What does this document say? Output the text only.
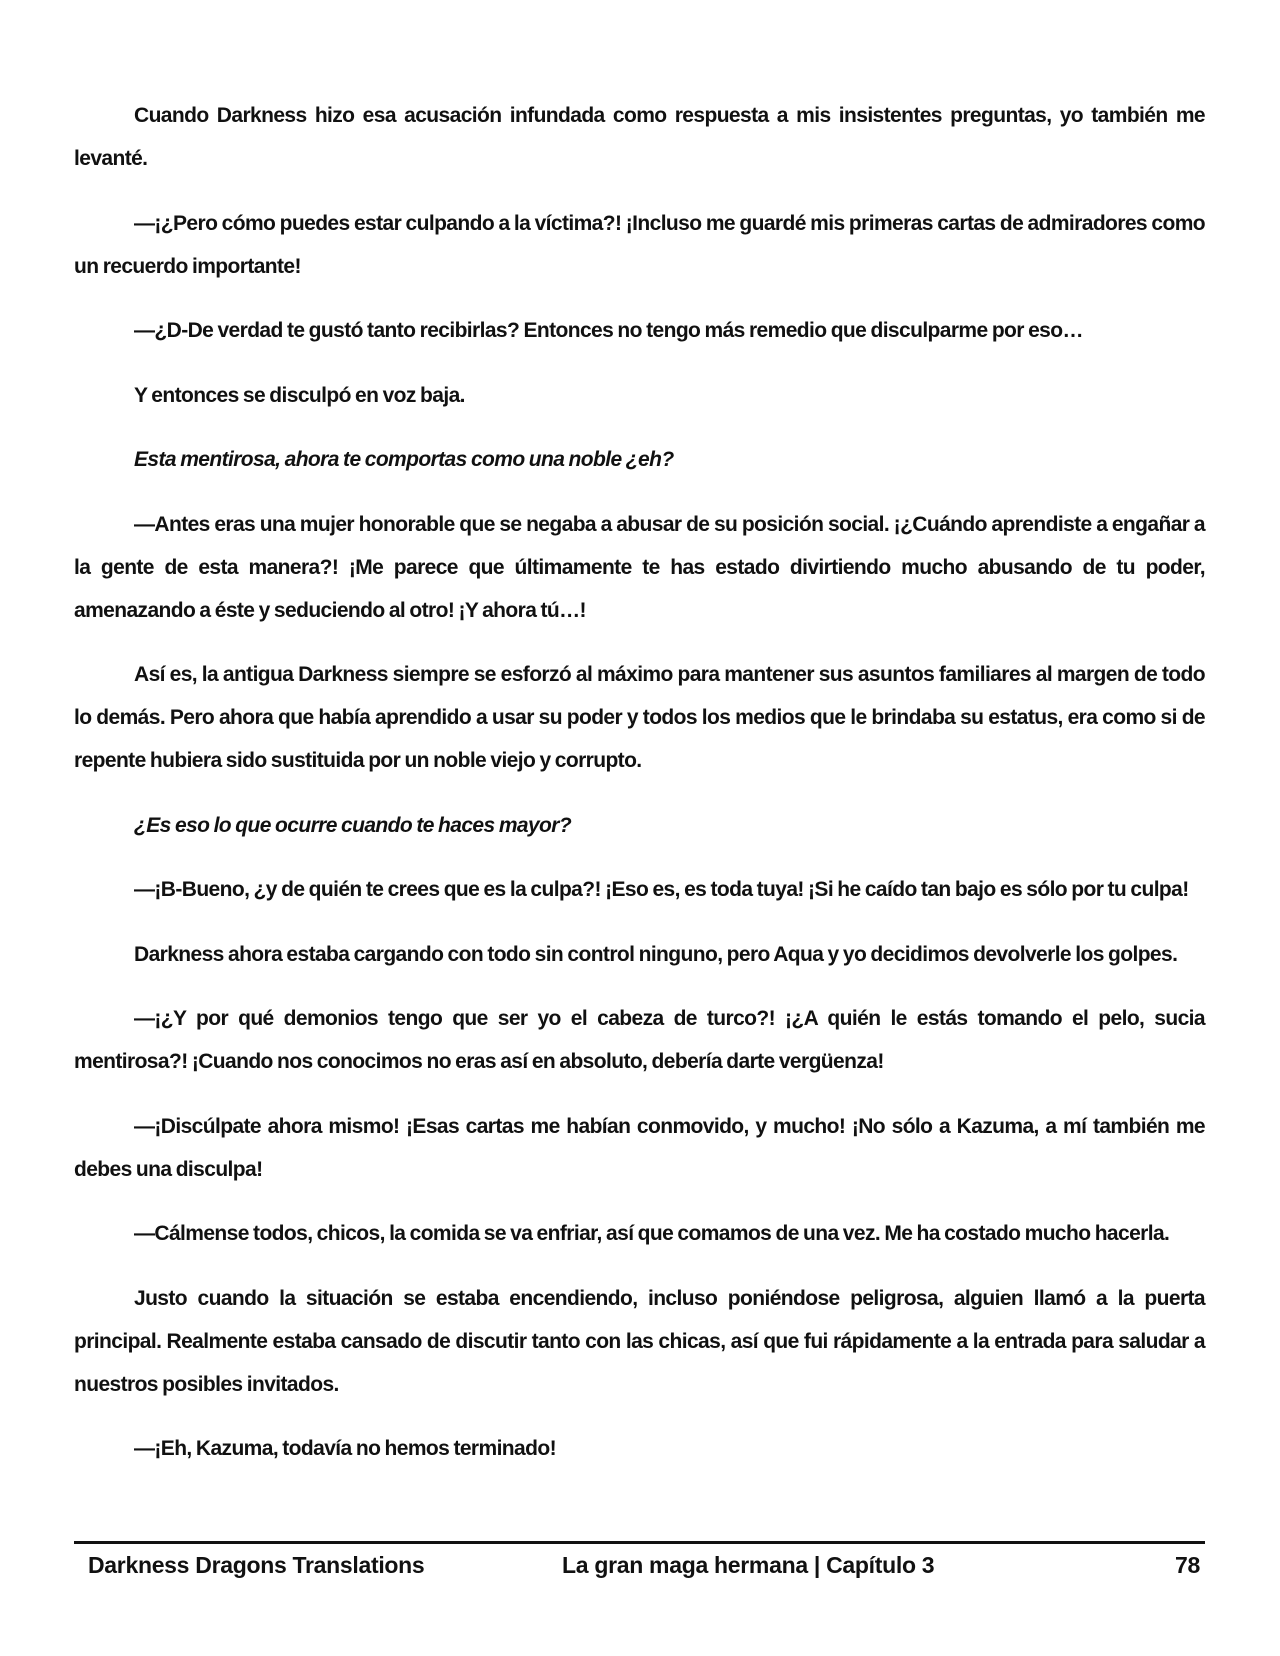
Cuando Darkness hizo esa acusación infundada como respuesta a mis insistentes preguntas, yo también me levanté.

—¡¿Pero cómo puedes estar culpando a la víctima?! ¡Incluso me guardé mis primeras cartas de admiradores como un recuerdo importante!

—¿D-De verdad te gustó tanto recibirlas? Entonces no tengo más remedio que disculparme por eso…

Y entonces se disculpó en voz baja.

Esta mentirosa, ahora te comportas como una noble ¿eh?

—Antes eras una mujer honorable que se negaba a abusar de su posición social. ¡¿Cuándo aprendiste a engañar a la gente de esta manera?! ¡Me parece que últimamente te has estado divirtiendo mucho abusando de tu poder, amenazando a éste y seduciendo al otro! ¡Y ahora tú…!

Así es, la antigua Darkness siempre se esforzó al máximo para mantener sus asuntos familiares al margen de todo lo demás. Pero ahora que había aprendido a usar su poder y todos los medios que le brindaba su estatus, era como si de repente hubiera sido sustituida por un noble viejo y corrupto.

¿Es eso lo que ocurre cuando te haces mayor?

—¡B-Bueno, ¿y de quién te crees que es la culpa?! ¡Eso es, es toda tuya! ¡Si he caído tan bajo es sólo por tu culpa!

Darkness ahora estaba cargando con todo sin control ninguno, pero Aqua y yo decidimos devolverle los golpes.

—¡¿Y por qué demonios tengo que ser yo el cabeza de turco?! ¡¿A quién le estás tomando el pelo, sucia mentirosa?! ¡Cuando nos conocimos no eras así en absoluto, debería darte vergüenza!

—¡Discúlpate ahora mismo! ¡Esas cartas me habían conmovido, y mucho! ¡No sólo a Kazuma, a mí también me debes una disculpa!

—Cálmense todos, chicos, la comida se va enfriar, así que comamos de una vez. Me ha costado mucho hacerla.

Justo cuando la situación se estaba encendiendo, incluso poniéndose peligrosa, alguien llamó a la puerta principal. Realmente estaba cansado de discutir tanto con las chicas, así que fui rápidamente a la entrada para saludar a nuestros posibles invitados.

—¡Eh, Kazuma, todavía no hemos terminado!

Darkness Dragons Translations	La gran maga hermana | Capítulo 3	78
